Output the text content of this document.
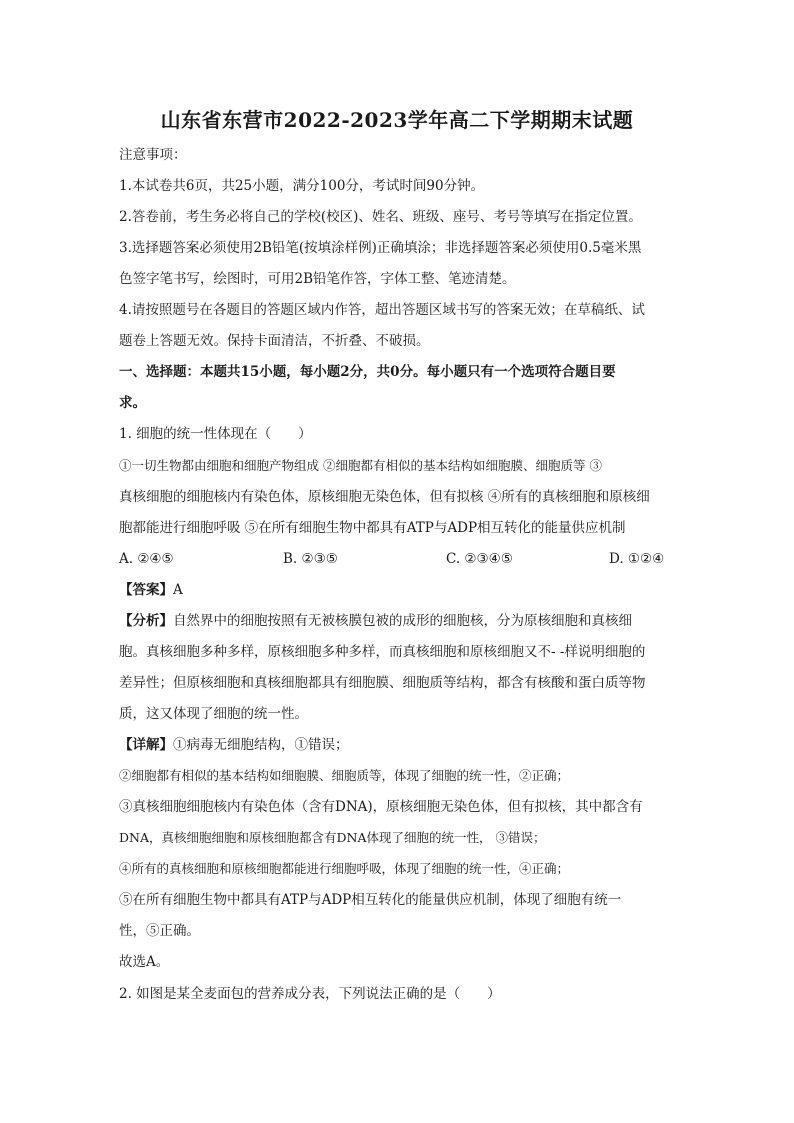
山东省东营市2022-2023学年高二下学期期末试题
注意事项：
1.本试卷共6页，共25小题，满分100分，考试时间90分钟。
2.答卷前，考生务必将自己的学校(校区)、姓名、班级、座号、考号等填写在指定位置。
3.选择题答案必须使用2B铅笔(按填涂样例)正确填涂；非选择题答案必须使用0.5毫米黑
色签字笔书写，绘图时，可用2B铅笔作答，字体工整、笔迹清楚。
4.请按照题号在各题目的答题区域内作答，超出答题区域书写的答案无效；在草稿纸、试
题卷上答题无效。保持卡面清洁，不折叠、不破损。
一、选择题：本题共15小题，每小题2分，共0分。每小题只有一个选项符合题目要
求。
1. 细胞的统一性体现在（　　）
①一切生物都由细胞和细胞产物组成 ②细胞都有相似的基本结构如细胞膜、细胞质等 ③
真核细胞的细胞核内有染色体，原核细胞无染色体，但有拟核 ④所有的真核细胞和原核细
胞都能进行细胞呼吸 ⑤在所有细胞生物中都具有ATP与ADP相互转化的能量供应机制
A. ②④⑤	B. ②③⑤	C. ②③④⑤	D. ①②④
【答案】A
【分析】自然界中的细胞按照有无被核膜包被的成形的细胞核，分为原核细胞和真核细
胞。真核细胞多种多样，原核细胞多种多样，而真核细胞和原核细胞又不- -样说明细胞的
差异性；但原核细胞和真核细胞都具有细胞膜、细胞质等结构，都含有核酸和蛋白质等物
质，这又体现了细胞的统一性。
【详解】①病毒无细胞结构，①错误；
②细胞都有相似的基本结构如细胞膜、细胞质等，体现了细胞的统一性，②正确；
③真核细胞细胞核内有染色体（含有DNA)，原核细胞无染色体，但有拟核，其中都含有
DNA，真核细胞细胞和原核细胞都含有DNA体现了细胞的统一性， ③错误；
④所有的真核细胞和原核细胞都能进行细胞呼吸，体现了细胞的统一性，④正确；
⑤在所有细胞生物中都具有ATP与ADP相互转化的能量供应机制，体现了细胞有统一
性，⑤正确。
故选A。
2. 如图是某全麦面包的营养成分表，下列说法正确的是（　　）
